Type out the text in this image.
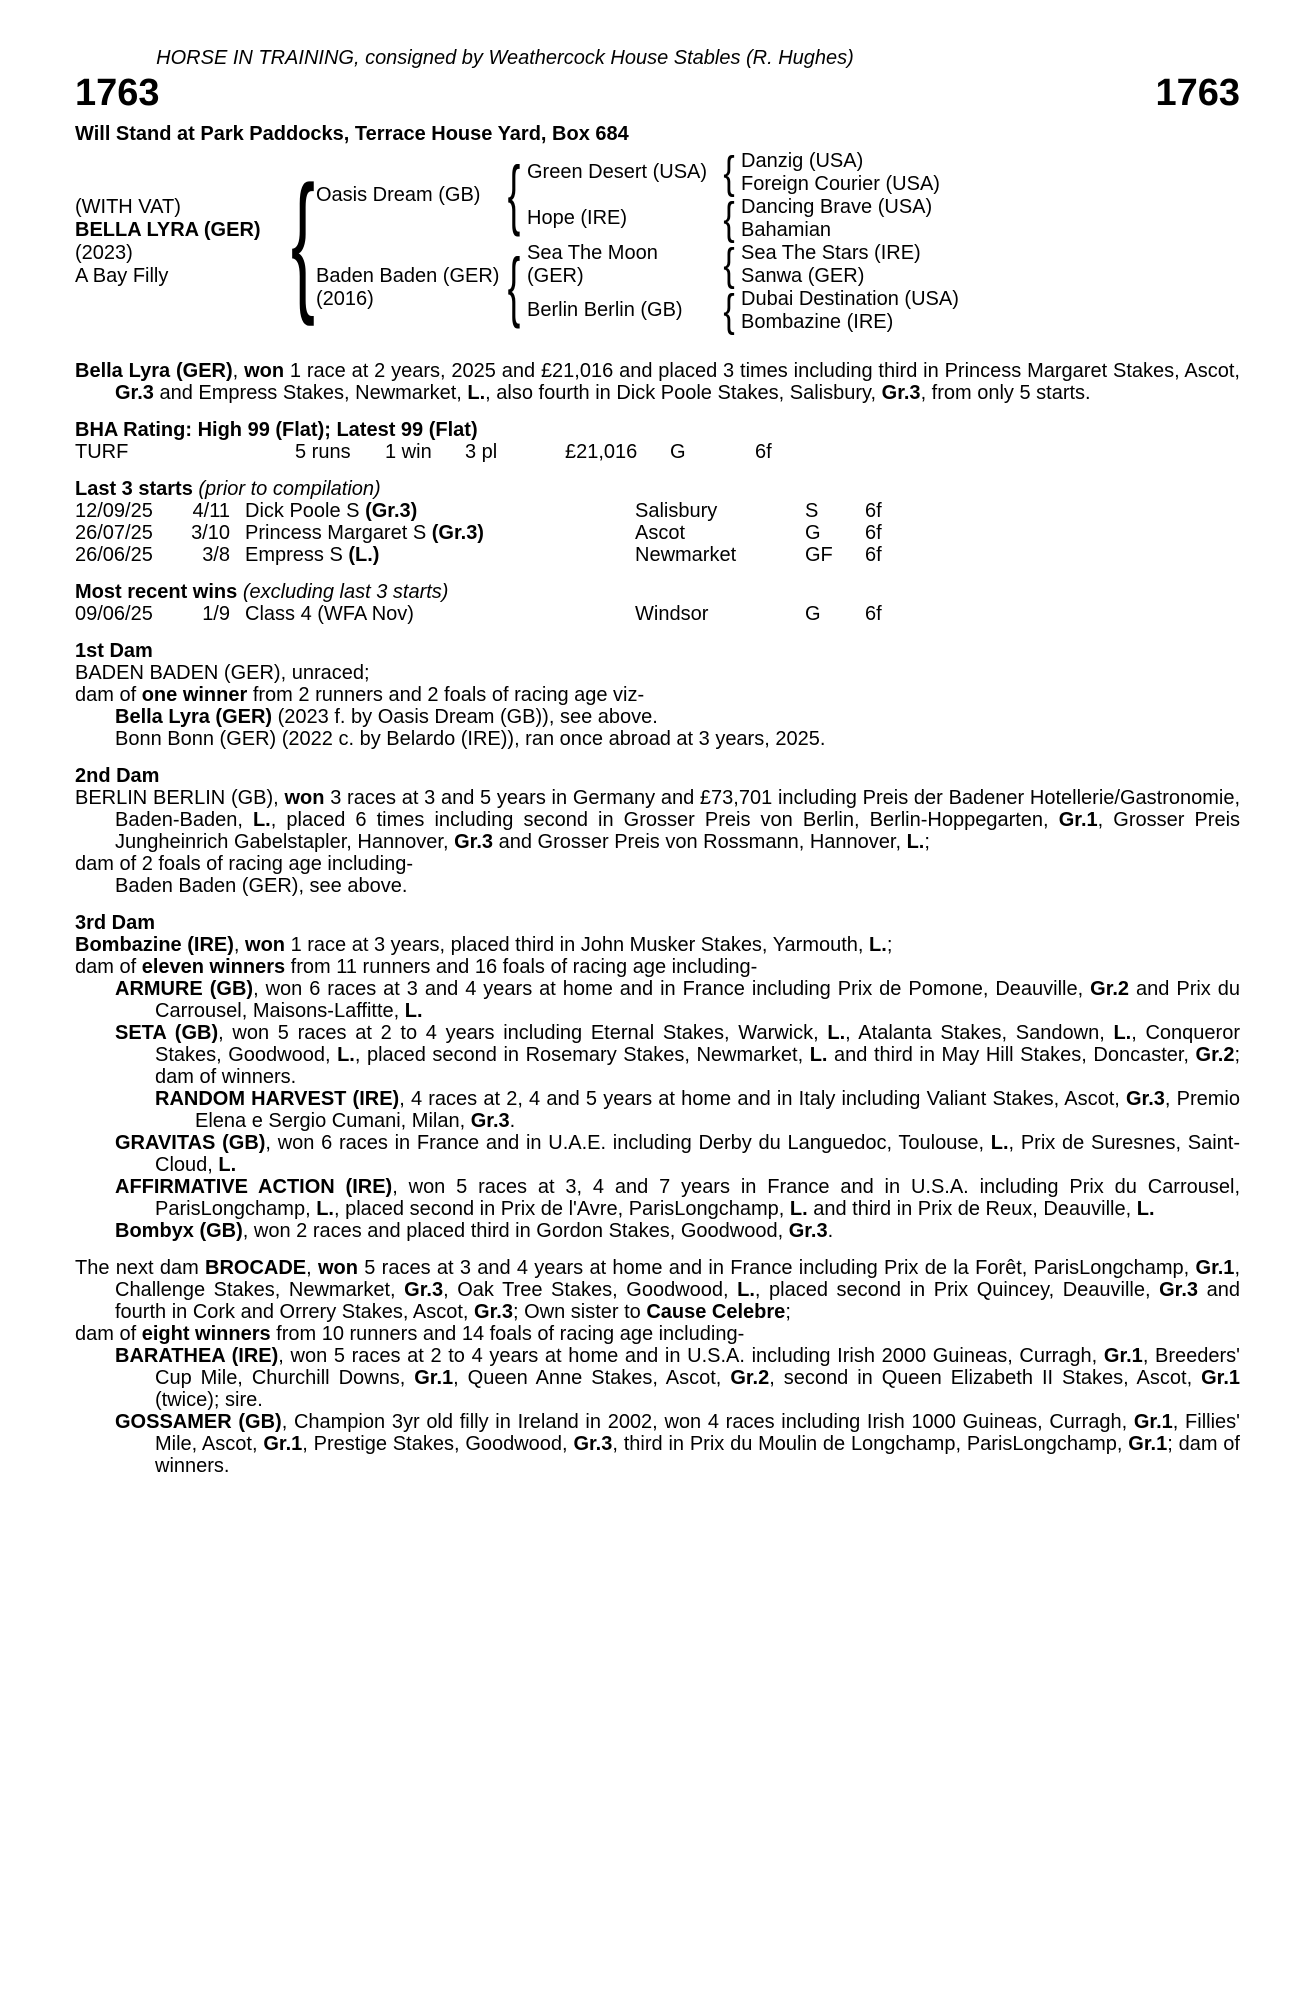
HORSE IN TRAINING, consigned by Weathercock House Stables (R. Hughes)
1763	1763
Will Stand at Park Paddocks, Terrace House Yard, Box 684
(WITH VAT)
BELLA LYRA (GER)
(2023)
A Bay Filly	{ Oasis Dream (GB) { Green Desert (USA) { Danzig (USA)
Foreign Courier (USA)
Hope (IRE)	{ Dancing Brave (USA)
Bahamian
Baden Baden (GER)
(2016)	{ Sea The Moon (GER)	{ Sea The Stars (IRE)
Sanwa (GER)
Berlin Berlin (GB)	{ Dubai Destination (USA)
Bombazine (IRE)
Bella Lyra (GER), won 1 race at 2 years, 2025 and £21,016 and placed 3 times including third in Princess Margaret Stakes, Ascot, Gr.3 and Empress Stakes, Newmarket, L., also fourth in Dick Poole Stakes, Salisbury, Gr.3, from only 5 starts.
BHA Rating: High 99 (Flat); Latest 99 (Flat)
TURF	5 runs	1 win	3 pl	£21,016	G	6f
Last 3 starts (prior to compilation)
12/09/25	4/11 Dick Poole S (Gr.3)	Salisbury	S	6f
26/07/25	3/10 Princess Margaret S (Gr.3)	Ascot	G	6f
26/06/25	3/8 Empress S (L.)	Newmarket	GF	6f
Most recent wins (excluding last 3 starts)
09/06/25	1/9 Class 4 (WFA Nov)	Windsor	G	6f
1st Dam
BADEN BADEN (GER), unraced;
dam of one winner from 2 runners and 2 foals of racing age viz-
Bella Lyra (GER) (2023 f. by Oasis Dream (GB)), see above.
Bonn Bonn (GER) (2022 c. by Belardo (IRE)), ran once abroad at 3 years, 2025.
2nd Dam
BERLIN BERLIN (GB), won 3 races at 3 and 5 years in Germany and £73,701 including Preis der Badener Hotellerie/Gastronomie, Baden-Baden, L., placed 6 times including second in Grosser Preis von Berlin, Berlin-Hoppegarten, Gr.1, Grosser Preis Jungheinrich Gabelstapler, Hannover, Gr.3 and Grosser Preis von Rossmann, Hannover, L.;
dam of 2 foals of racing age including-
Baden Baden (GER), see above.
3rd Dam
Bombazine (IRE), won 1 race at 3 years, placed third in John Musker Stakes, Yarmouth, L.;
dam of eleven winners from 11 runners and 16 foals of racing age including-
ARMURE (GB), won 6 races at 3 and 4 years at home and in France including Prix de Pomone, Deauville, Gr.2 and Prix du Carrousel, Maisons-Laffitte, L.
SETA (GB), won 5 races at 2 to 4 years including Eternal Stakes, Warwick, L., Atalanta Stakes, Sandown, L., Conqueror Stakes, Goodwood, L., placed second in Rosemary Stakes, Newmarket, L. and third in May Hill Stakes, Doncaster, Gr.2; dam of winners.
RANDOM HARVEST (IRE), 4 races at 2, 4 and 5 years at home and in Italy including Valiant Stakes, Ascot, Gr.3, Premio Elena e Sergio Cumani, Milan, Gr.3.
GRAVITAS (GB), won 6 races in France and in U.A.E. including Derby du Languedoc, Toulouse, L., Prix de Suresnes, Saint-Cloud, L.
AFFIRMATIVE ACTION (IRE), won 5 races at 3, 4 and 7 years in France and in U.S.A. including Prix du Carrousel, ParisLongchamp, L., placed second in Prix de l'Avre, ParisLongchamp, L. and third in Prix de Reux, Deauville, L.
Bombyx (GB), won 2 races and placed third in Gordon Stakes, Goodwood, Gr.3.
The next dam BROCADE, won 5 races at 3 and 4 years at home and in France including Prix de la Forêt, ParisLongchamp, Gr.1, Challenge Stakes, Newmarket, Gr.3, Oak Tree Stakes, Goodwood, L., placed second in Prix Quincey, Deauville, Gr.3 and fourth in Cork and Orrery Stakes, Ascot, Gr.3; Own sister to Cause Celebre;
dam of eight winners from 10 runners and 14 foals of racing age including-
BARATHEA (IRE), won 5 races at 2 to 4 years at home and in U.S.A. including Irish 2000 Guineas, Curragh, Gr.1, Breeders' Cup Mile, Churchill Downs, Gr.1, Queen Anne Stakes, Ascot, Gr.2, second in Queen Elizabeth II Stakes, Ascot, Gr.1 (twice); sire.
GOSSAMER (GB), Champion 3yr old filly in Ireland in 2002, won 4 races including Irish 1000 Guineas, Curragh, Gr.1, Fillies' Mile, Ascot, Gr.1, Prestige Stakes, Goodwood, Gr.3, third in Prix du Moulin de Longchamp, ParisLongchamp, Gr.1; dam of winners.
